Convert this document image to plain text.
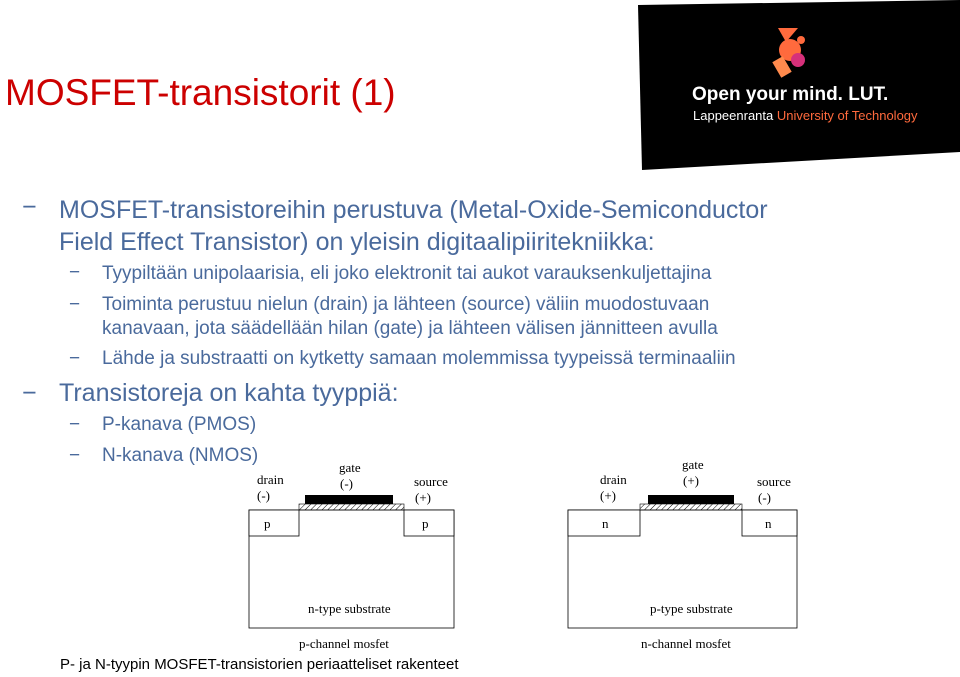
MOSFET-transistorit (1)	Open your mind. LUT.
Lappeenranta University of Technology
− MOSFET-transistoreihin perustuva (Metal-Oxide-Semiconductor
Field Effect Transistor) on yleisin digitaalipiiritekniikka:
− Tyypiltään unipolaarisia, eli joko elektronit tai aukot varauksenkuljettajina
− Toiminta perustuu nielun (drain) ja lähteen (source) väliin muodostuvaan
kanavaan, jota säädellään hilan (gate) ja lähteen välisen jännitteen avulla
− Lähde ja substraatti on kytketty samaan molemmissa tyypeissä terminaaliin
− Transistoreja on kahta tyyppiä:
− P-kanava (PMOS)
− N-kanava (NMOS)
drain
(-)
gate
(-)	source
(+)
p	p
n-type substrate
p-channel mosfet
drain
(+)
gate
(+)	source
(-)
n	n
p-type substrate
n-channel mosfet
P- ja N-tyypin MOSFET-transistorien periaatteliset rakenteet
